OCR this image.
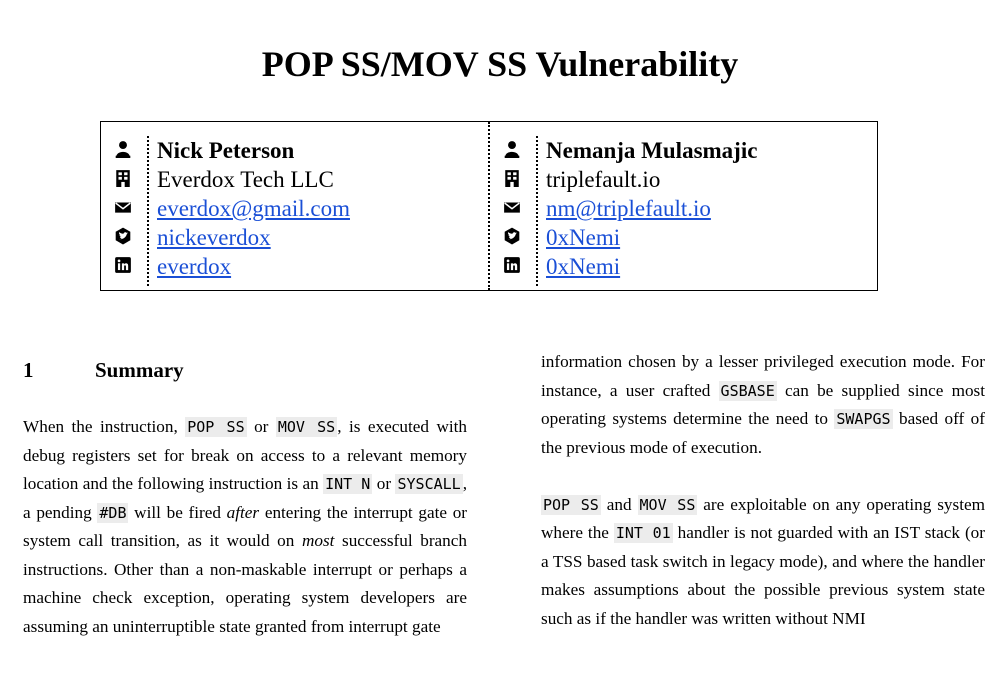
POP SS/MOV SS Vulnerability
Nick Peterson
Everdox Tech LLC
everdox@gmail.com
nickeverdox
everdox
Nemanja Mulasmajic
triplefault.io
nm@triplefault.io
0xNemi
0xNemi
1	Summary

When the instruction, POP SS or MOV SS , is executed with debug registers set for break on access to a relevant memory location and the following instruction is an INT N or SYSCALL , a pending #DB will be fired after entering the interrupt gate or system call transition, as it would on most successful branch instructions. Other than a non-maskable interrupt or perhaps a machine check exception, operating system developers are assuming an uninterruptible state granted from interrupt gate

information chosen by a lesser privileged execution mode. For instance, a user crafted GSBASE can be supplied since most operating systems determine the need to SWAPGS based off of the previous mode of execution.

POP SS and MOV SS are exploitable on any operating system where the INT 01 handler is not guarded with an IST stack (or a TSS based task switch in legacy mode), and where the handler makes assumptions about the possible previous system state such as if the handler was written without NMI
